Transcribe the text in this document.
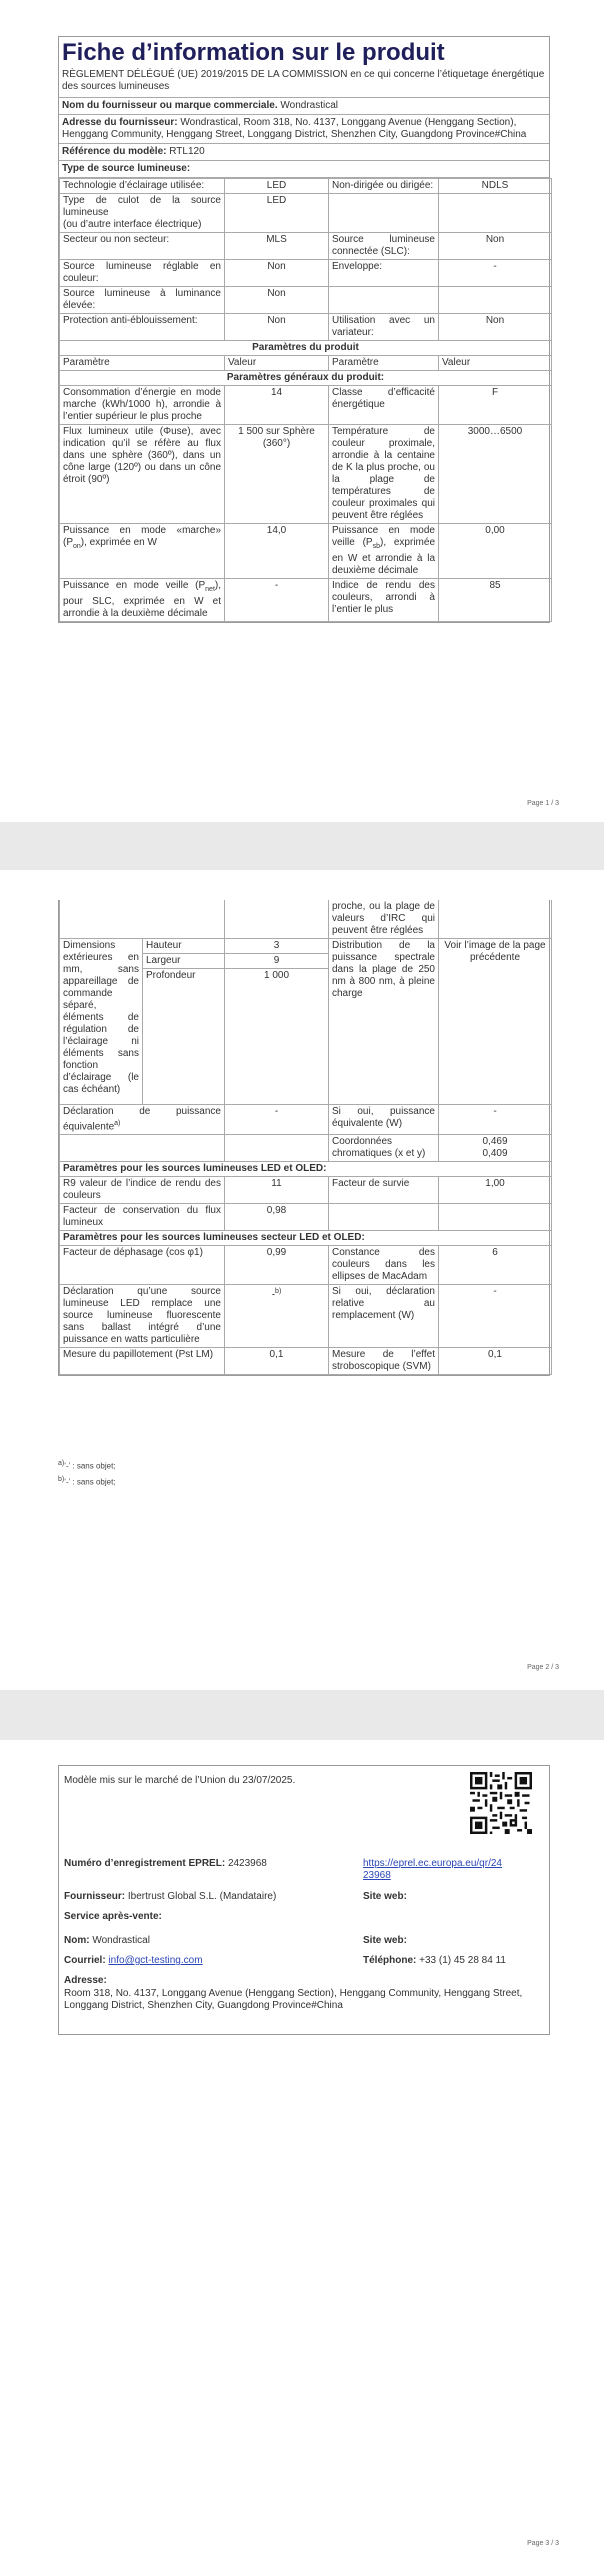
Fiche d’information sur le produit
RÈGLEMENT DÉLÉGUÉ (UE) 2019/2015 DE LA COMMISSION en ce qui concerne l’étiquetage énergétique des sources lumineuses
Nom du fournisseur ou marque commerciale. Wondrastical
Adresse du fournisseur: Wondrastical, Room 318, No. 4137, Longgang Avenue (Henggang Section), Henggang Community, Henggang Street, Longgang District, Shenzhen City, Guangdong Province#China
Référence du modèle: RTL120
Type de source lumineuse:
Technologie d’éclairage utilisée:	LED	Non-dirigée ou dirigée:	NDLS
Type de culot de la source lumineuse
(ou d’autre interface électrique)	LED		
Secteur ou non secteur:	MLS	Source lumineuse connectée (SLC):	Non
Source lumineuse réglable en couleur:	Non	Enveloppe:	-
Source lumineuse à luminance élevée:	Non		
Protection anti-éblouissement:	Non	Utilisation avec un variateur:	Non
Paramètres du produit			
Paramètre	Valeur	Paramètre	Valeur
Paramètres généraux du produit:			
Consommation d’énergie en mode marche (kWh/1000 h), arrondie à l’entier supérieur le plus proche	14	Classe d’efficacité énergétique	F
Flux lumineux utile (Φuse), avec indication qu’il se réfère au flux dans une sphère (360º), dans un cône large (120º) ou dans un cône étroit (90º)	1 500 sur Sphère (360°)	Température de couleur proximale, arrondie à la centaine de K la plus proche, ou la plage de températures de couleur proximales qui peuvent être réglées	3000…6500
Puissance en mode «marche» $(P_{on})$, exprimée en W	14,0	Puissance en mode veille $(P_{sb})$, exprimée en W et arrondie à la deuxième décimale	0,00
Puissance en mode veille $(P_{net})$, pour SLC, exprimée en W et arrondie à la deuxième décimale	-	Indice de rendu des couleurs, arrondi à l’entier le plus	85
Page 1 / 3
			proche, ou la plage de valeurs d’IRC qui peuvent être réglées	
Dimensions extérieures en mm, sans appareillage de commande séparé, éléments de régulation de l’éclairage ni éléments sans fonction d’éclairage (le cas échéant)	Hauteur	3	Distribution de la puissance spectrale dans la plage de 250 nm à 800 nm, à pleine charge	Voir l’image de la page précédente
	Largeur	9		
	Profondeur	1 000		
Déclaration de puissance équivalente$^{a)}$		-	Si oui, puissance équivalente (W)	-
			Coordonnées chromatiques (x et y)	0,469
0,409
Paramètres pour les sources lumineuses LED et OLED:				
R9 valeur de l’indice de rendu des couleurs		11	Facteur de survie	1,00
Facteur de conservation du flux lumineux		0,98		
Paramètres pour les sources lumineuses secteur LED et OLED:				
Facteur de déphasage (cos φ1)		0,99	Constance des couleurs dans les ellipses de MacAdam	6
Déclaration qu’une source lumineuse LED remplace une source lumineuse fluorescente sans ballast intégré d’une puissance en watts particulière		-$^{b)}$	Si oui, déclaration relative au remplacement (W)	-
Mesure du papillotement (Pst LM)		0,1	Mesure de l’effet stroboscopique (SVM)	0,1
$^{a)}$‘-’ : sans objet;
$^{b)}$‘-’ : sans objet;
Page 2 / 3
Modèle mis sur le marché de l’Union du 23/07/2025.
Numéro d’enregistrement EPREL: 2423968	https://eprel.ec.europa.eu/qr/24
23968
Fournisseur: Ibertrust Global S.L. (Mandataire)	Site web:
Service après-vente:
Nom: Wondrastical	Site web:
Courriel: info@gct-testing.com	Téléphone: +33 (1) 45 28 84 11
Adresse:
Room 318, No. 4137, Longgang Avenue (Henggang Section), Henggang Community, Henggang Street, Longgang District, Shenzhen City, Guangdong Province#China
Page 3 / 3
